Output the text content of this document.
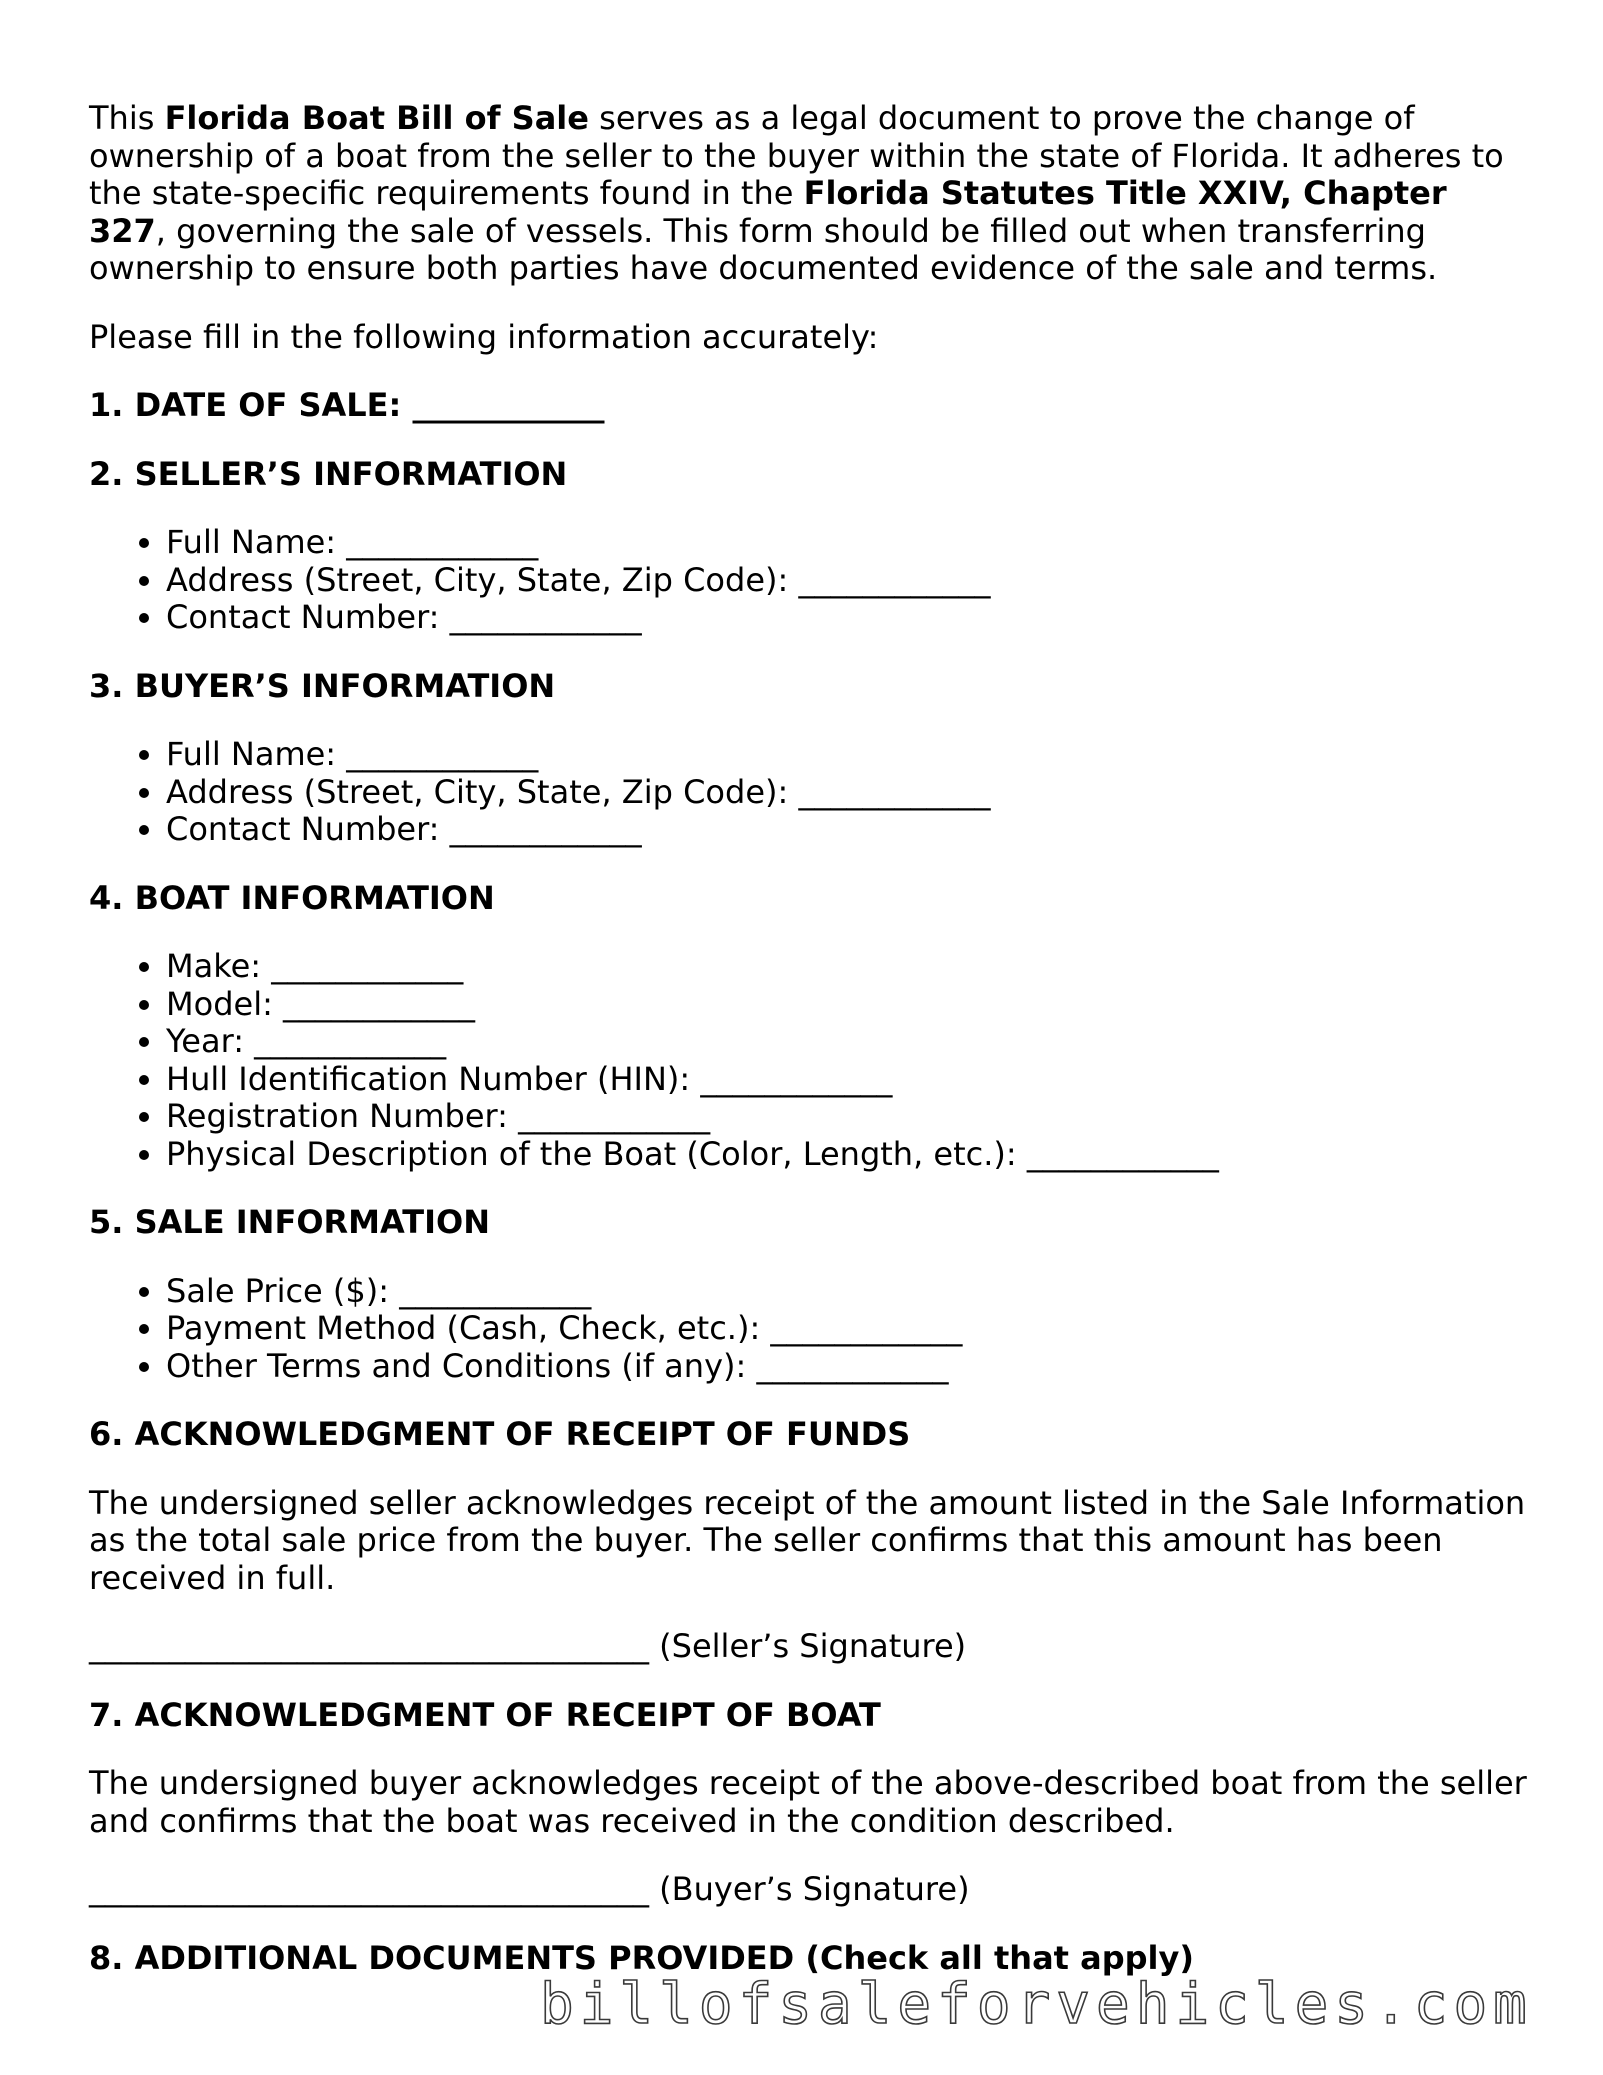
This Florida Boat Bill of Sale serves as a legal document to prove the change of ownership of a boat from the seller to the buyer within the state of Florida. It adheres to the state-specific requirements found in the Florida Statutes Title XXIV, Chapter 327, governing the sale of vessels. This form should be filled out when transferring ownership to ensure both parties have documented evidence of the sale and terms.

Please fill in the following information accurately:

1. DATE OF SALE: ____________

2. SELLER’S INFORMATION

• Full Name: ____________
• Address (Street, City, State, Zip Code): ____________
• Contact Number: ____________

3. BUYER’S INFORMATION

• Full Name: ____________
• Address (Street, City, State, Zip Code): ____________
• Contact Number: ____________

4. BOAT INFORMATION

• Make: ____________
• Model: ____________
• Year: ____________
• Hull Identification Number (HIN): ____________
• Registration Number: ____________
• Physical Description of the Boat (Color, Length, etc.): ____________

5. SALE INFORMATION

• Sale Price ($): ____________
• Payment Method (Cash, Check, etc.): ____________
• Other Terms and Conditions (if any): ____________

6. ACKNOWLEDGMENT OF RECEIPT OF FUNDS

The undersigned seller acknowledges receipt of the amount listed in the Sale Information as the total sale price from the buyer. The seller confirms that this amount has been received in full.

___________________________________ (Seller’s Signature)

7. ACKNOWLEDGMENT OF RECEIPT OF BOAT

The undersigned buyer acknowledges receipt of the above-described boat from the seller and confirms that the boat was received in the condition described.

___________________________________ (Buyer’s Signature)

8. ADDITIONAL DOCUMENTS PROVIDED (Check all that apply)

billofsaleforvehicles.com
